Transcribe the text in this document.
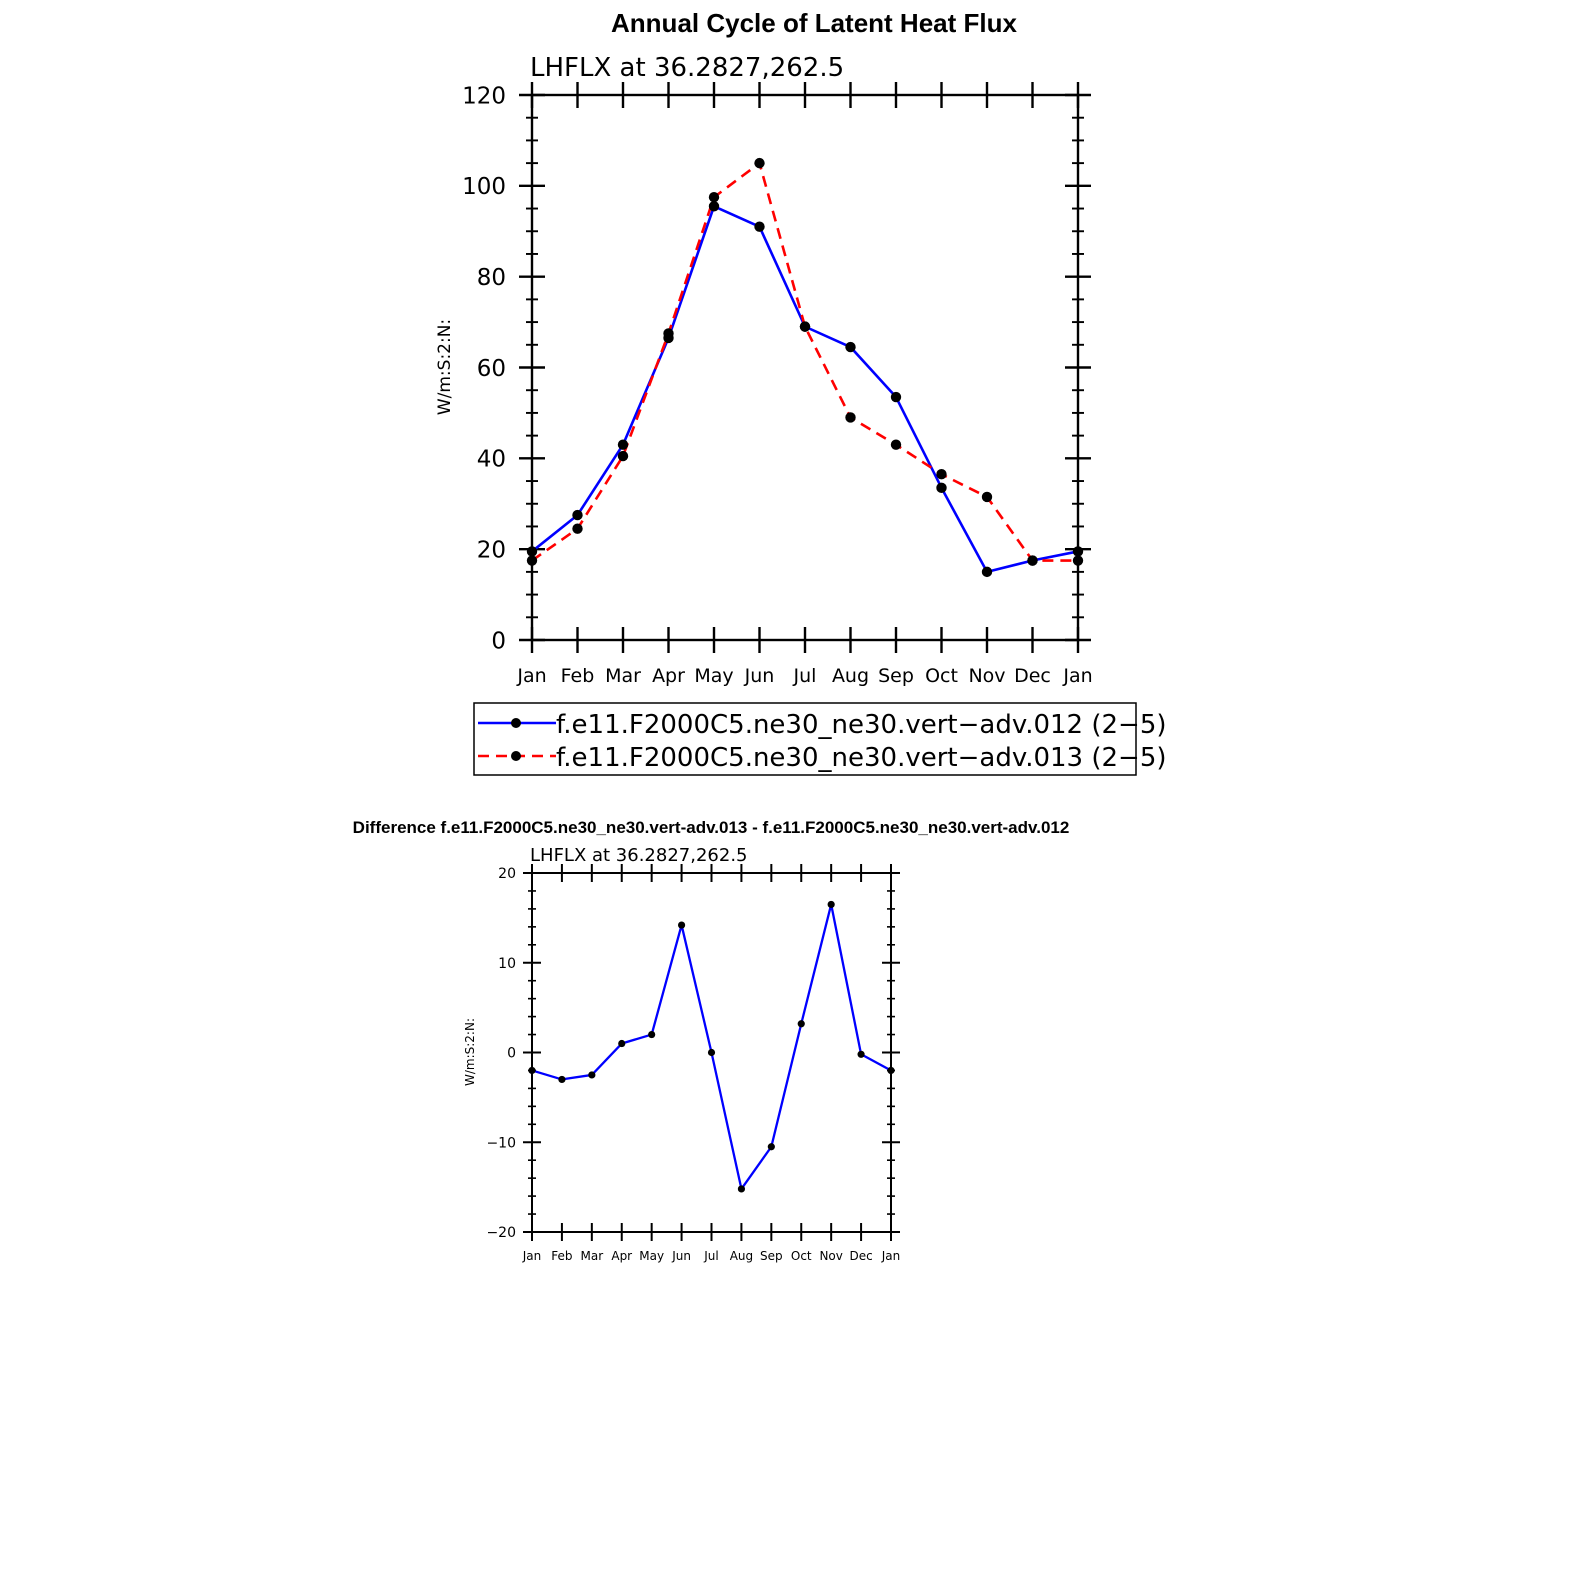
Annual Cycle of Latent Heat Flux
Difference f.e11.F2000C5.ne30_ne30.vert-adv.013 - f.e11.F2000C5.ne30_ne30.vert-adv.012
LHFLX at 36.2827,262.5
W/m:S:2:N:
LHFLX at 36.2827,262.5
W/m:S:2:N:
Jan Feb Mar Apr May Jun Jul Aug Sep Oct Nov Dec Jan
0
20
40
60
80
100
120
Jan Feb Mar Apr May Jun Jul Aug Sep Oct Nov Dec Jan
−20
−10
0
10
20
f.e11.F2000C5.ne30_ne30.vert−adv.012 (2−5)
f.e11.F2000C5.ne30_ne30.vert−adv.013 (2−5)
